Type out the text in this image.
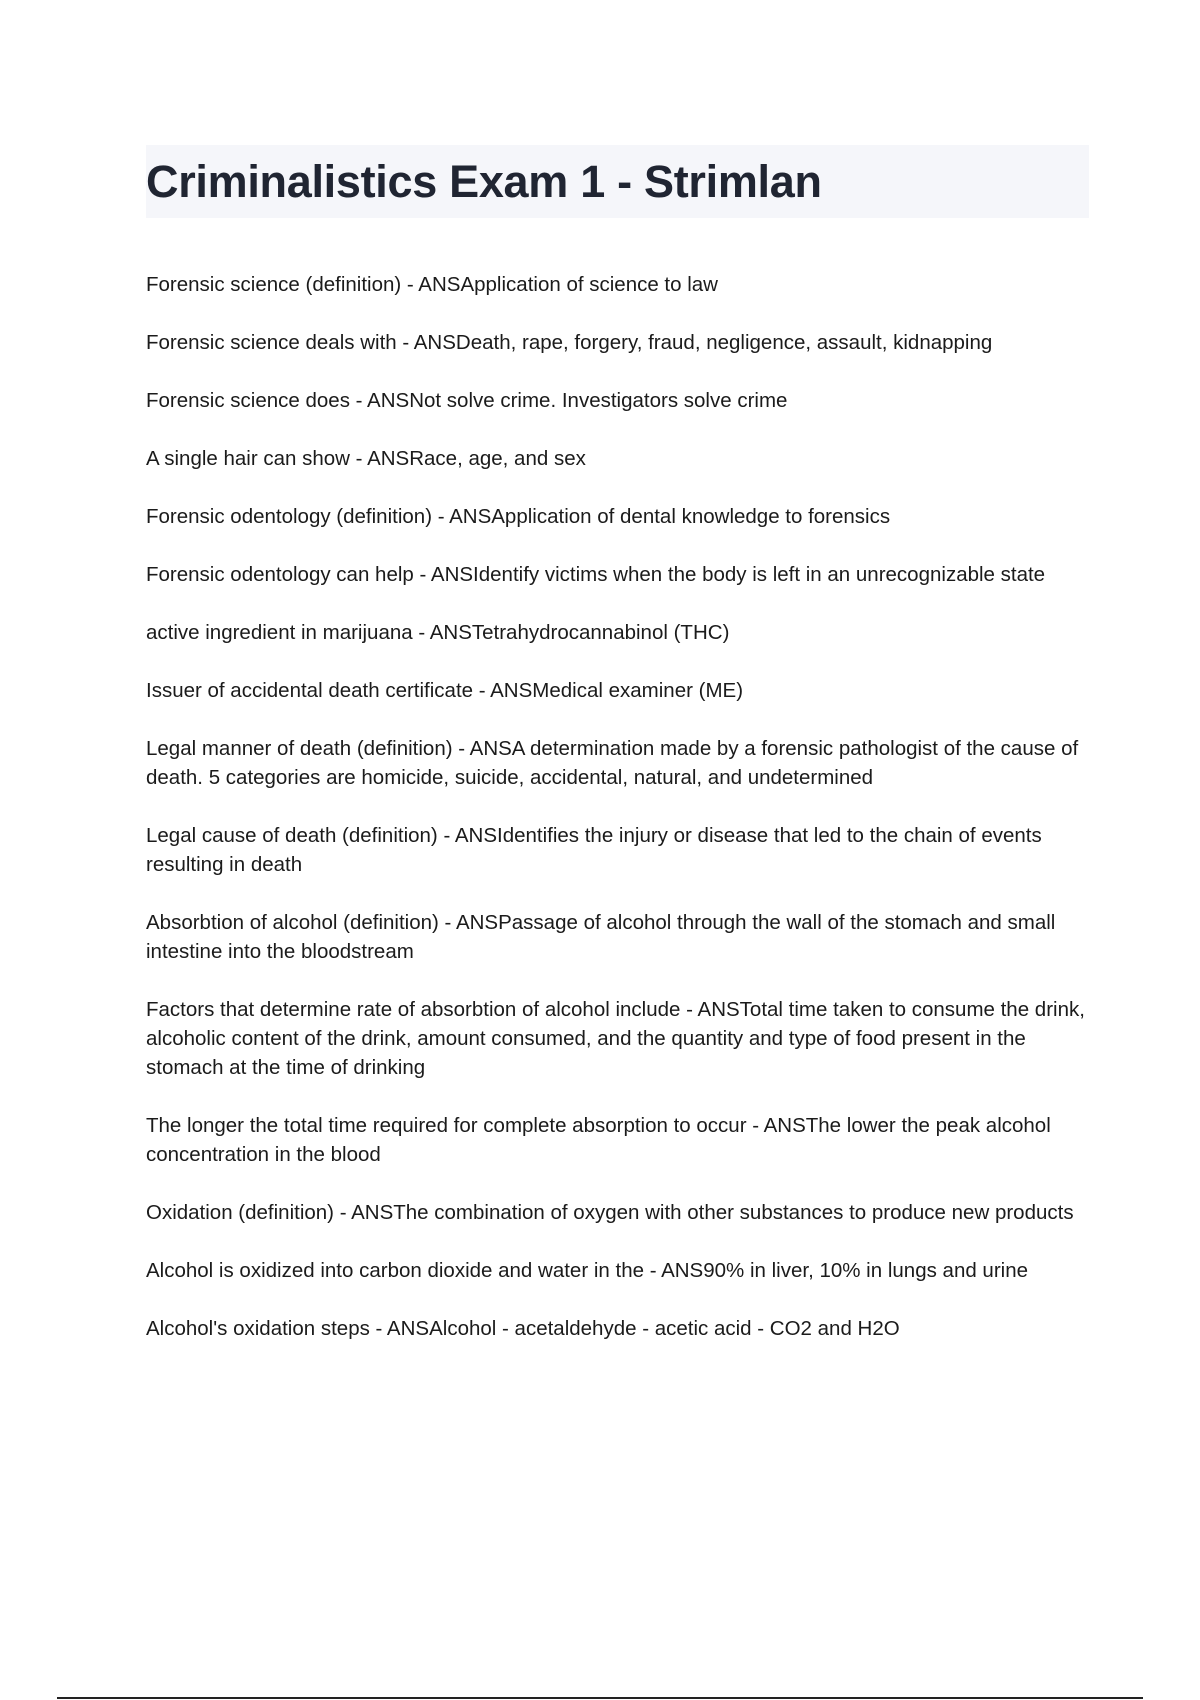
Criminalistics Exam 1 - Strimlan
Forensic science (definition) - ANSApplication of science to law
Forensic science deals with - ANSDeath, rape, forgery, fraud, negligence, assault, kidnapping
Forensic science does - ANSNot solve crime. Investigators solve crime
A single hair can show - ANSRace, age, and sex
Forensic odentology (definition) - ANSApplication of dental knowledge to forensics
Forensic odentology can help - ANSIdentify victims when the body is left in an unrecognizable state
active ingredient in marijuana - ANSTetrahydrocannabinol (THC)
Issuer of accidental death certificate - ANSMedical examiner (ME)
Legal manner of death (definition) - ANSA determination made by a forensic pathologist of the cause of death. 5 categories are homicide, suicide, accidental, natural, and undetermined
Legal cause of death (definition) - ANSIdentifies the injury or disease that led to the chain of events resulting in death
Absorbtion of alcohol (definition) - ANSPassage of alcohol through the wall of the stomach and small intestine into the bloodstream
Factors that determine rate of absorbtion of alcohol include - ANSTotal time taken to consume the drink, alcoholic content of the drink, amount consumed, and the quantity and type of food present in the stomach at the time of drinking
The longer the total time required for complete absorption to occur - ANSThe lower the peak alcohol concentration in the blood
Oxidation (definition) - ANSThe combination of oxygen with other substances to produce new products
Alcohol is oxidized into carbon dioxide and water in the - ANS90% in liver, 10% in lungs and urine
Alcohol's oxidation steps - ANSAlcohol - acetaldehyde - acetic acid - CO2 and H2O
